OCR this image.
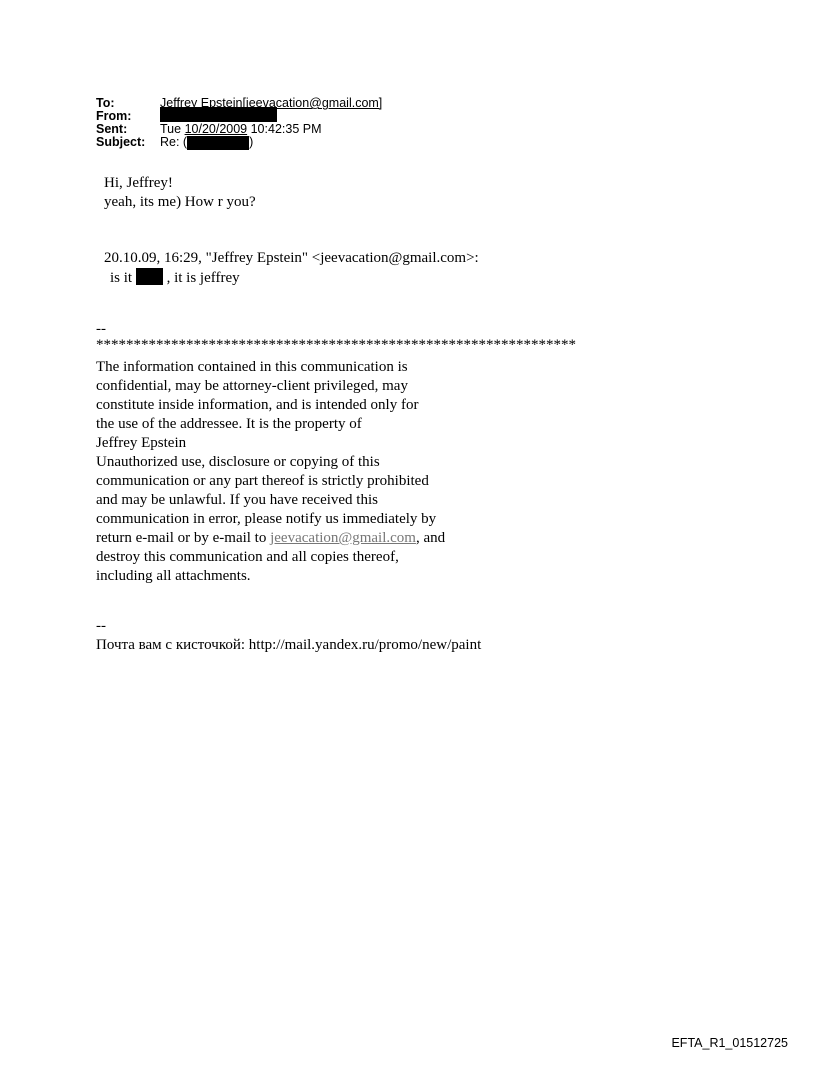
To:	Jeffrey Epstein[jeevacation@gmail.com]
From:
Sent:	Tue 10/20/2009 10:42:35 PM
Subject:	Re: (	)
Hi, Jeffrey!
yeah, its me) How r you?
20.10.09, 16:29, "Jeffrey Epstein" <jeevacation@gmail.com>:
is it , it is jeffrey
--
****************************************************************
The information contained in this communication is
confidential, may be attorney-client privileged, may
constitute inside information, and is intended only for
the use of the addressee. It is the property of
Jeffrey Epstein
Unauthorized use, disclosure or copying of this
communication or any part thereof is strictly prohibited
and may be unlawful. If you have received this
communication in error, please notify us immediately by
return e-mail or by e-mail to jeevacation@gmail.com, and
destroy this communication and all copies thereof,
including all attachments.
--
Почта вам с кисточкой: http://mail.yandex.ru/promo/new/paint
EFTA_R1_01512725
